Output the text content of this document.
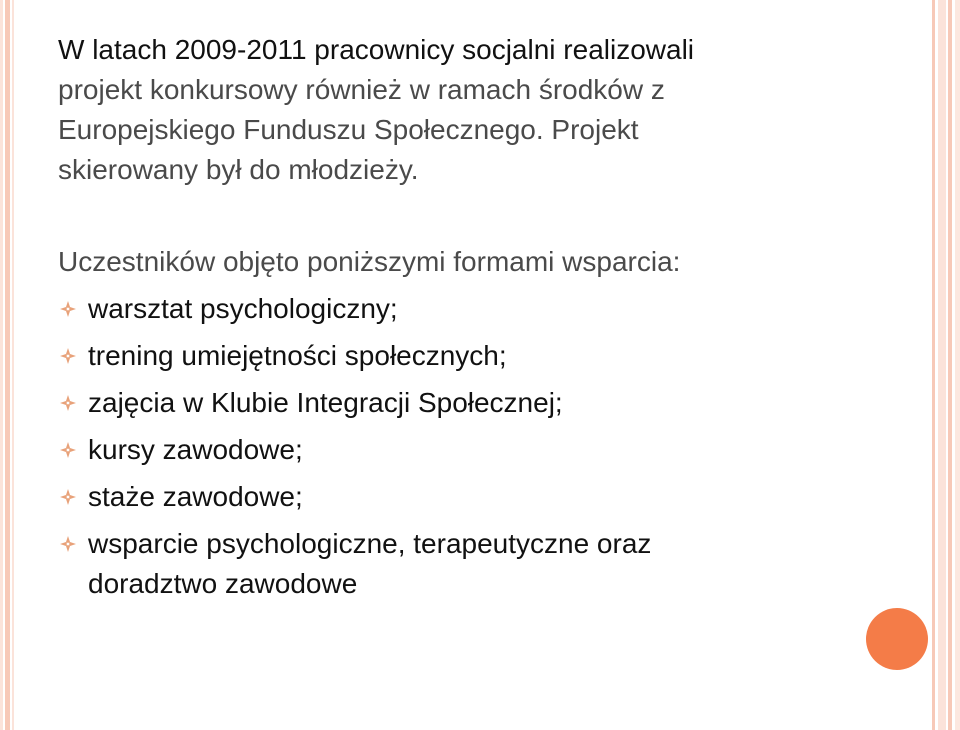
W latach 2009-2011 pracownicy socjalni realizowali
projekt konkursowy również w ramach środków z
Europejskiego Funduszu Społecznego. Projekt
skierowany był do młodzieży.

Uczestników objęto poniższymi formami wsparcia:

warsztat psychologiczny;
trening umiejętności społecznych;
zajęcia w Klubie Integracji Społecznej;
kursy zawodowe;
staże zawodowe;
wsparcie psychologiczne, terapeutyczne oraz doradztwo zawodowe
